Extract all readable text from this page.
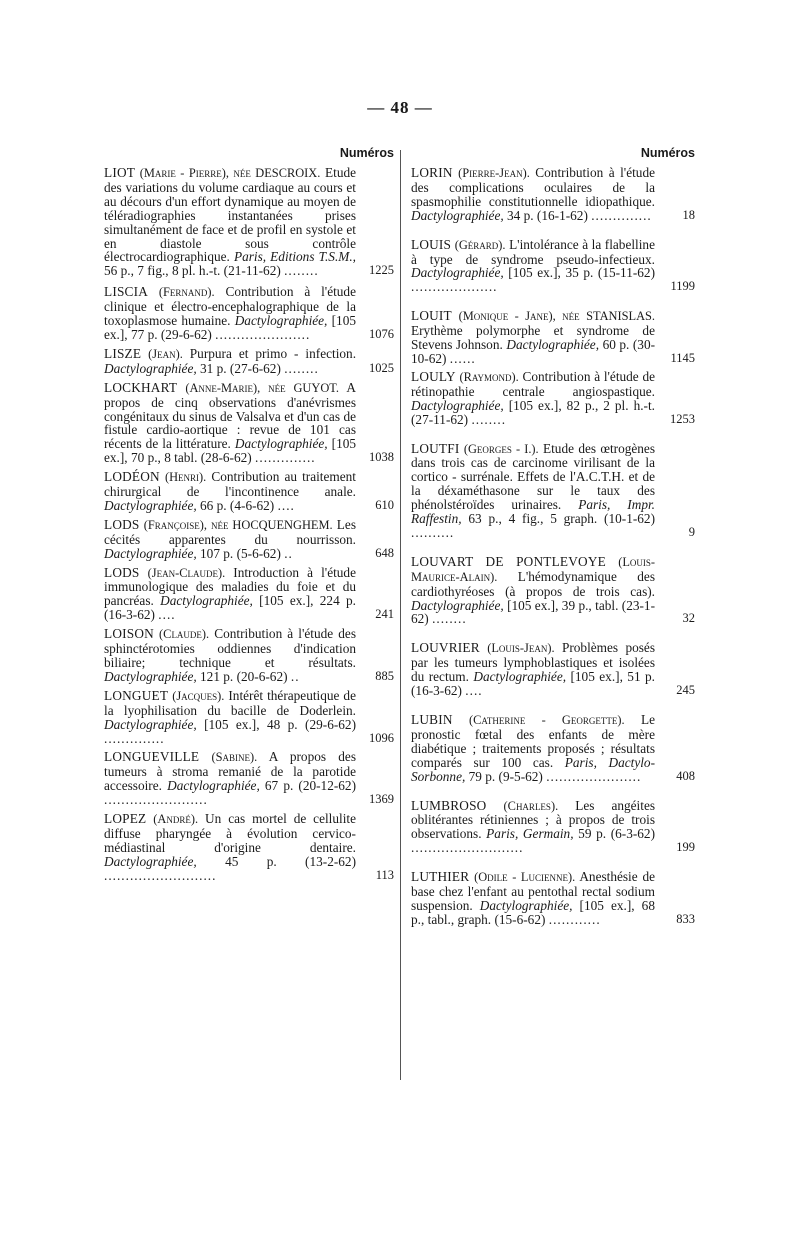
— 48 —
Numéros
LIOT (Marie - Pierre), née DESCROIX. Etude des variations du volume cardiaque au cours et au décours d'un effort dynamique au moyen de téléradiographies instantanées prises simultanément de face et de profil en systole et en diastole sous contrôle électrocardiographique. Paris, Editions T.S.M., 56 p., 7 fig., 8 pl. h.-t. (21-11-62) ........	1225
LISCIA (Fernand). Contribution à l'étude clinique et électro-encephalographique de la toxoplasmose humaine. Dactylographiée, [105 ex.], 77 p. (29-6-62) ......................	1076
LISZE (Jean). Purpura et primo - infection. Dactylographiée, 31 p. (27-6-62) ........	1025
LOCKHART (Anne-Marie), née GUYOT. A propos de cinq observations d'anévrismes congénitaux du sinus de Valsalva et d'un cas de fistule cardio-aortique : revue de 101 cas récents de la littérature. Dactylographiée, [105 ex.], 70 p., 8 tabl. (28-6-62) ..............	1038
LODÉON (Henri). Contribution au traitement chirurgical de l'incontinence anale. Dactylographiée, 66 p. (4-6-62) ....	610
LODS (Françoise), née HOCQUENGHEM. Les cécités apparentes du nourrisson. Dactylographiée, 107 p. (5-6-62) ..	648
LODS (Jean-Claude). Introduction à l'étude immunologique des maladies du foie et du pancréas. Dactylographiée, [105 ex.], 224 p. (16-3-62) ....	241
LOISON (Claude). Contribution à l'étude des sphinctérotomies oddiennes d'indication biliaire; technique et résultats. Dactylographiée, 121 p. (20-6-62) ..	885
LONGUET (Jacques). Intérêt thérapeutique de la lyophilisation du bacille de Doderlein. Dactylographiée, [105 ex.], 48 p. (29-6-62) ..............	1096
LONGUEVILLE (Sabine). A propos des tumeurs à stroma remanié de la parotide accessoire. Dactylographiée, 67 p. (20-12-62) ........................	1369
LOPEZ (André). Un cas mortel de cellulite diffuse pharyngée à évolution cervico-médiastinal d'origine dentaire. Dactylographiée, 45 p. (13-2-62) ..........................	113
Numéros
LORIN (Pierre-Jean). Contribution à l'étude des complications oculaires de la spasmophilie constitutionnelle idiopathique. Dactylographiée, 34 p. (16-1-62) .............. 18
LOUIS (Gérard). L'intolérance à la flabelline à type de syndrome pseudo-infectieux. Dactylographiée, [105 ex.], 35 p. (15-11-62) ....................	1199
LOUIT (Monique - Jane), née STANISLAS. Erythème polymorphe et syndrome de Stevens Johnson. Dactylographiée, 60 p. (30-10-62) ......	1145
LOULY (Raymond). Contribution à l'étude de rétinopathie centrale angiospastique. Dactylographiée, [105 ex.], 82 p., 2 pl. h.-t. (27-11-62) ........	1253
LOUTFI (Georges - I.). Etude des œtrogènes dans trois cas de carcinome virilisant de la cortico - surrénale. Effets de l'A.C.T.H. et de la déxaméthasone sur le taux des phénolstéroïdes urinaires. Paris, Impr. Raffestin, 63 p., 4 fig., 5 graph. (10-1-62) ..........	9
LOUVART DE PONTLEVOYE (Louis-Maurice-Alain). L'hémodynamique des cardiothyréoses (à propos de trois cas). Dactylographiée, [105 ex.], 39 p., tabl. (23-1-62) ........	32
LOUVRIER (Louis-Jean). Problèmes posés par les tumeurs lymphoblastiques et isolées du rectum. Dactylographiée, [105 ex.], 51 p. (16-3-62) ....	245
LUBIN (Catherine - Georgette). Le pronostic fœtal des enfants de mère diabétique ; traitements proposés ; résultats comparés sur 100 cas. Paris, Dactylo-Sorbonne, 79 p. (9-5-62) ......................	408
LUMBROSO (Charles). Les angéites oblitérantes rétiniennes ; à propos de trois observations. Paris, Germain, 59 p. (6-3-62) ..........................	199
LUTHIER (Odile - Lucienne). Anesthésie de base chez l'enfant au pentothal rectal sodium suspension. Dactylographiée, [105 ex.], 68 p., tabl., graph. (15-6-62) ............	833
